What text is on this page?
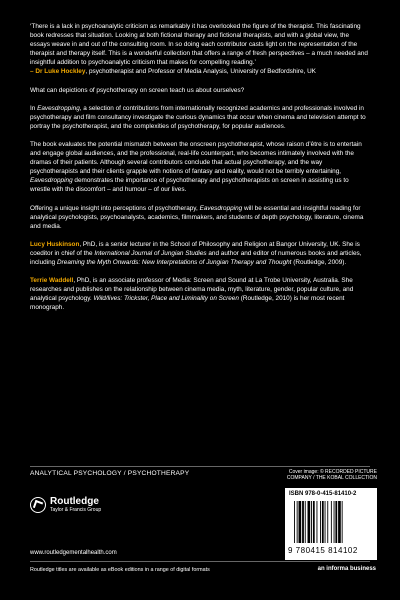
‘There is a lack in psychoanalytic criticism as remarkably it has overlooked the figure of the therapist. This fascinating book redresses that situation. Looking at both fictional therapy and fictional therapists, and with a global view, the essays weave in and out of the consulting room. In so doing each contributor casts light on the representation of the therapist and therapy itself. This is a wonderful collection that offers a range of fresh perspectives – a much needed and insightful addition to psychoanalytic criticism that makes for compelling reading.’
– Dr Luke Hockley, psychotherapist and Professor of Media Analysis, University of Bedfordshire, UK

What can depictions of psychotherapy on screen teach us about ourselves?

In Eavesdropping, a selection of contributions from internationally recognized academics and professionals involved in psychotherapy and film consultancy investigate the curious dynamics that occur when cinema and television attempt to portray the psychotherapist, and the complexities of psychotherapy, for popular audiences.

The book evaluates the potential mismatch between the onscreen psychotherapist, whose raison d’être is to entertain and engage global audiences, and the professional, real-life counterpart, who becomes intimately involved with the dramas of their patients. Although several contributors conclude that actual psychotherapy, and the way psychotherapists and their clients grapple with notions of fantasy and reality, would not be terribly entertaining, Eavesdropping demonstrates the importance of psychotherapy and psychotherapists on screen in assisting us to wrestle with the discomfort – and humour – of our lives.

Offering a unique insight into perceptions of psychotherapy, Eavesdropping will be essential and insightful reading for analytical psychologists, psychoanalysts, academics, filmmakers, and students of depth psychology, literature, cinema and media.

Lucy Huskinson, PhD, is a senior lecturer in the School of Philosophy and Religion at Bangor University, UK. She is coeditor in chief of the International Journal of Jungian Studies and author and editor of numerous books and articles, including Dreaming the Myth Onwards: New Interpretations of Jungian Therapy and Thought (Routledge, 2009).

Terrie Waddell, PhD, is an associate professor of Media: Screen and Sound at La Trobe University, Australia. She researches and publishes on the relationship between cinema media, myth, literature, gender, popular culture, and analytical psychology. Wild/lives: Trickster, Place and Liminality on Screen (Routledge, 2010) is her most recent monograph.

ANALYTICAL PSYCHOLOGY / PSYCHOTHERAPY	Cover image: © RECORDED PICTURE COMPANY / THE KOBAL COLLECTION
Routledge
Taylor & Francis Group
www.routledgementalhealth.com
Routledge titles are available as eBook editions in a range of digital formats	an informa business
ISBN 978-0-415-81410-2
9 780415 814102
